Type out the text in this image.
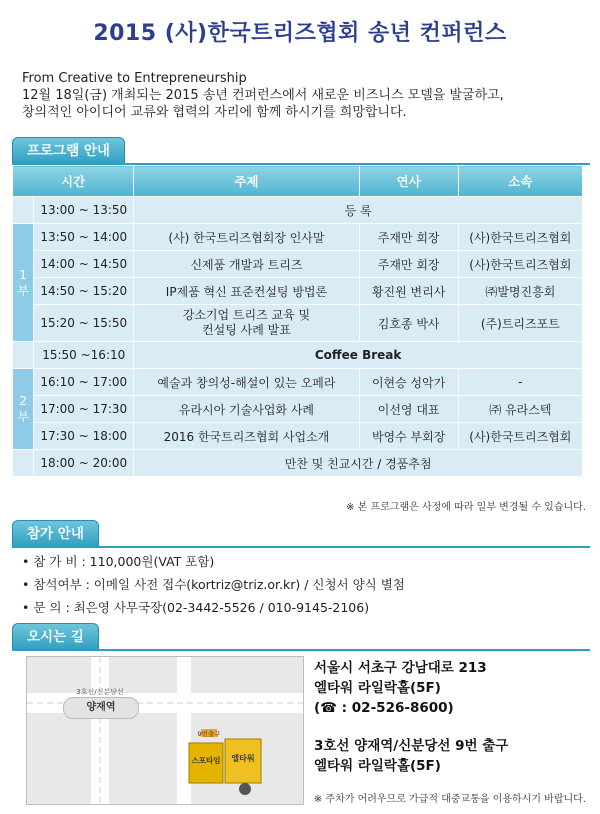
2015 (사)한국트리즈협회 송년 컨퍼런스
From Creative to Entrepreneurship
12월 18일(금) 개최되는 2015 송년 컨퍼런스에서 새로운 비즈니스 모델을 발굴하고,
창의적인 아이디어 교류와 협력의 자리에 함께 하시기를 희망합니다.
프로그램 안내
시간		주제	연사	소속
	13:00 ~ 13:50	등 록		

1
부	13:50 ~ 14:00	(사) 한국트리즈협회장 인사말	주재만 회장	(사)한국트리즈협회
	14:00 ~ 14:50	신제품 개발과 트리즈	주재만 회장	(사)한국트리즈협회
	14:50 ~ 15:20	IP제품 혁신 표준컨설팅 방법론	황진원 변리사	㈜발명진흥회
	15:20 ~ 15:50	강소기업 트리즈 교육 및
컨설팅 사례 발표	김호종 박사	(주)트리즈포트
	15:50 ~16:10	Coffee Break		

2
부	16:10 ~ 17:00	예술과 창의성-해설이 있는 오페라	이현승 성악가	-
	17:00 ~ 17:30	유라시아 기술사업화 사례	이선영 대표	㈜ 유라스텍
	17:30 ~ 18:00	2016 한국트리즈협회 사업소개	박영수 부회장	(사)한국트리즈협회
	18:00 ~ 20:00	만찬 및 친교시간 / 경품추첨		
※ 본 프로그램은 사정에 따라 일부 변경될 수 있습니다.
참가 안내
• 참 가 비 : 110,000원(VAT 포함)
• 참석여부 : 이메일 사전 접수(kortriz@triz.or.kr) / 신청서 양식 별첨
• 문 의 : 최은영 사무국장(02-3442-5526 / 010-9145-2106)
오시는 길
양재역
3호선/신분당선
스포타임	엘타워
9번출구
서울시 서초구 강남대로 213
엘타워 라일락홀(5F)
(☎ : 02-526-8600)
3호선 양재역/신분당선 9번 출구
엘타워 라일락홀(5F)
※ 주차가 어려우므로 가급적 대중교통을 이용하시기 바랍니다.
